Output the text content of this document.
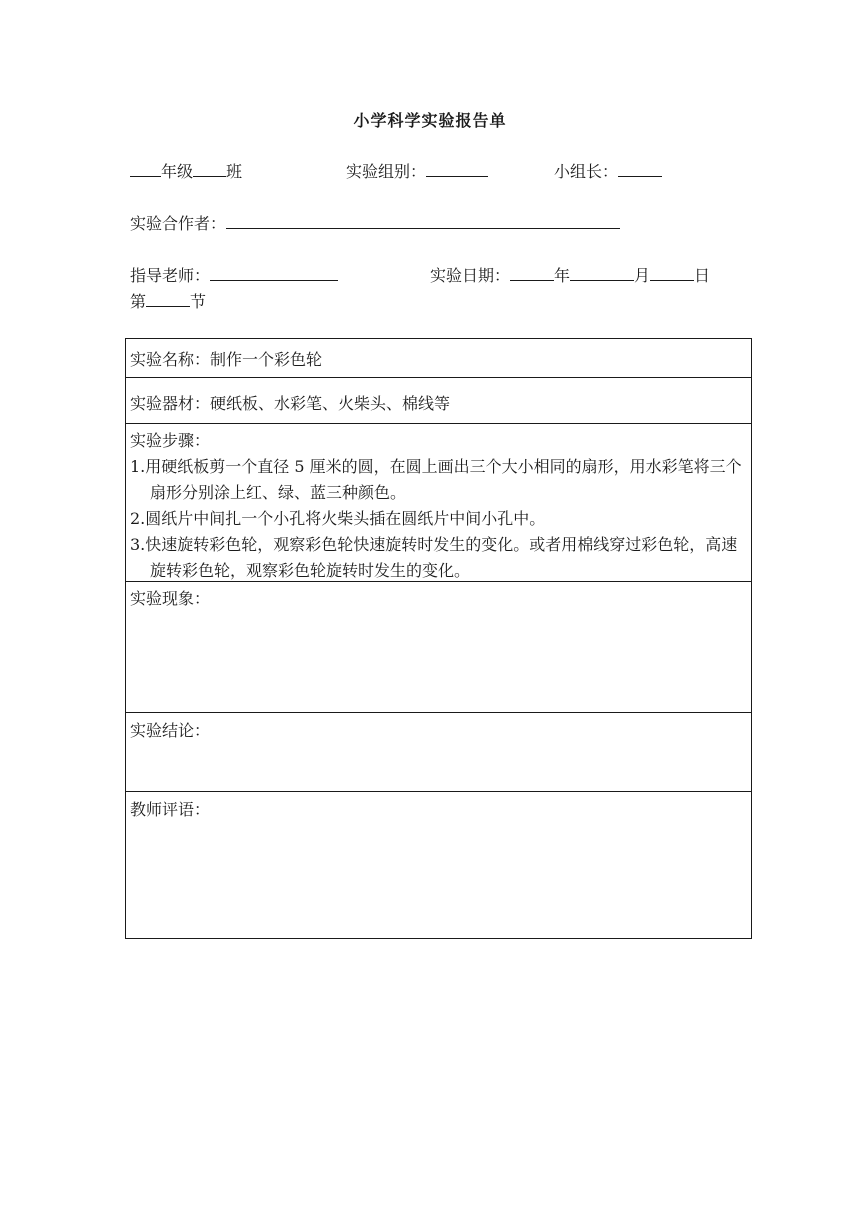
小学科学实验报告单
年级 班	实验组别：	小组长：
实验合作者：
指导老师：	实验日期：	年	月	日
第	节
实验名称：制作一个彩色轮
实验器材：硬纸板、水彩笔、火柴头、棉线等
实验步骤：
1.用硬纸板剪一个直径 5 厘米的圆，在圆上画出三个大小相同的扇形，用水彩笔将三个扇形分别涂上红、绿、蓝三种颜色。
2.圆纸片中间扎一个小孔将火柴头插在圆纸片中间小孔中。
3.快速旋转彩色轮，观察彩色轮快速旋转时发生的变化。或者用棉线穿过彩色轮，高速旋转彩色轮，观察彩色轮旋转时发生的变化。
实验现象：
实验结论：
教师评语：
